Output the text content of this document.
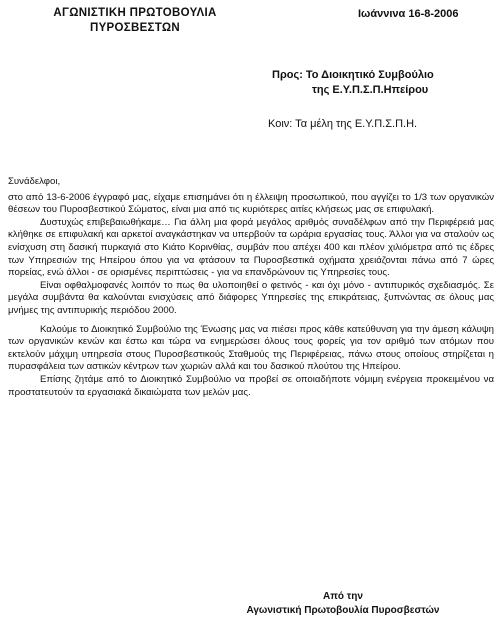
ΑΓΩΝΙΣΤΙΚΗ ΠΡΩΤΟΒΟΥΛΙΑ
ΠΥΡΟΣΒΕΣΤΩΝ
Ιωάννινα 16-8-2006
Προς: Το Διοικητικό Συμβούλιο
της Ε.Υ.Π.Σ.Π.Ηπείρου
Κοιν: Τα μέλη της Ε.Υ.Π.Σ.Π.Η.

Συνάδελφοι,

στο από 13-6-2006 έγγραφό μας, είχαμε επισημάνει ότι η έλλειψη προσωπικού, που αγγίζει το 1/3 των οργανικών θέσεων του Πυροσβεστικού Σώματος, είναι μια από τις κυριότερες αιτίες κλήσεως μας σε επιφυλακή.

Δυστυχώς επιβεβαιωθήκαμε… Για άλλη μια φορά μεγάλος αριθμός συναδέλφων από την Περιφέρειά μας κλήθηκε σε επιφυλακή και αρκετοί αναγκάστηκαν να υπερβούν τα ωράρια εργασίας τους. Άλλοι για να σταλούν ως ενίσχυση στη δασική πυρκαγιά στο Κιάτο Κορινθίας, συμβάν που απέχει 400 και πλέον χιλιόμετρα από τις έδρες των Υπηρεσιών της Ηπείρου όπου για να φτάσουν τα Πυροσβεστικά οχήματα χρειάζονται πάνω από 7 ώρες πορείας, ενώ άλλοι - σε ορισμένες περιπτώσεις - για να επανδρώνουν τις Υπηρεσίες τους.

Είναι οφθαλμοφανές λοιπόν το πως θα υλοποιηθεί ο φετινός - και όχι μόνο - αντιπυρικός σχεδιασμός. Σε μεγάλα συμβάντα θα καλούνται ενισχύσεις από διάφορες Υπηρεσίες της επικράτειας, ξυπνώντας σε όλους μας μνήμες της αντιπυρικής περιόδου 2000.

Καλούμε το Διοικητικό Συμβούλιο της Ένωσης μας να πιέσει προς κάθε κατεύθυνση για την άμεση κάλυψη των οργανικών κενών και έστω και τώρα να ενημερώσει όλους τους φορείς για τον αριθμό των ατόμων που εκτελούν μάχιμη υπηρεσία στους Πυροσβεστικούς Σταθμούς της Περιφέρειας, πάνω στους οποίους στηρίζεται η πυρασφάλεια των αστικών κέντρων των χωριών αλλά και του δασικού πλούτου της Ηπείρου.

Επίσης ζητάμε από το Διοικητικό Συμβούλιο να προβεί σε οποιαδήποτε νόμιμη ενέργεια προκειμένου να προστατευτούν τα εργασιακά δικαιώματα των μελών μας.

Από την
Αγωνιστική Πρωτοβουλία Πυροσβεστών
